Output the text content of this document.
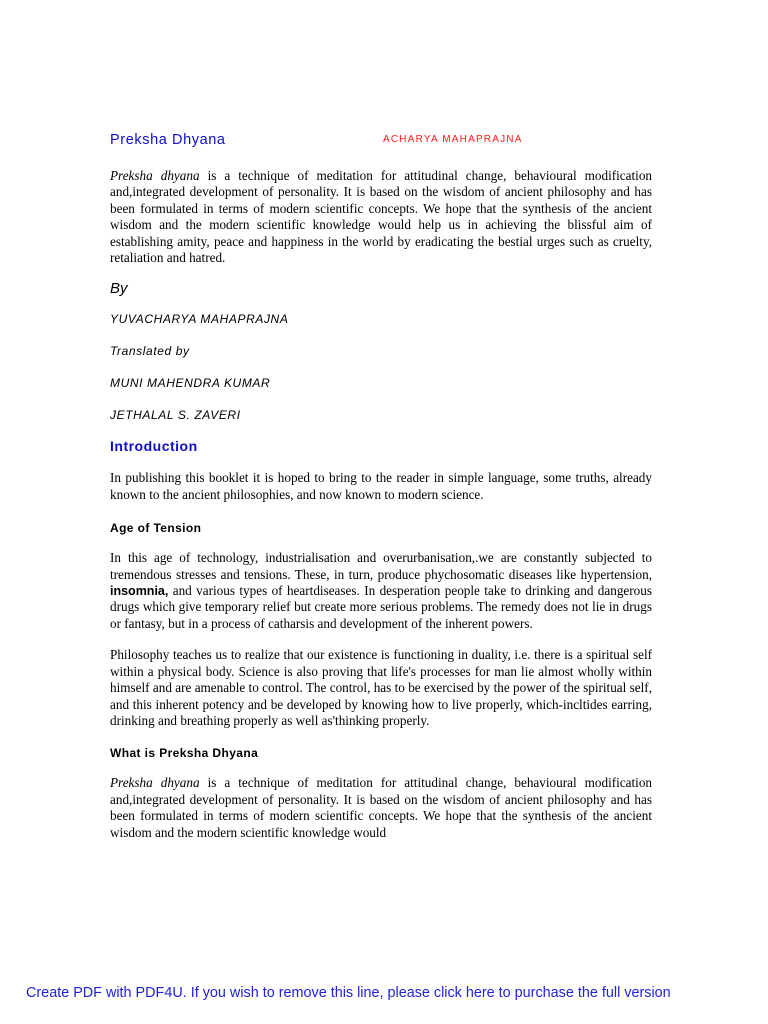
Preksha Dhyana	ACHARYA MAHAPRAJNA

Preksha dhyana is a technique of meditation for attitudinal change, behavioural modification and,integrated development of personality. It is based on the wisdom of ancient philosophy and has been formulated in terms of modern scientific concepts. We hope that the synthesis of the ancient wisdom and the modern scientific knowledge would help us in achieving the blissful aim of establishing amity, peace and happiness in the world by eradicating the bestial urges such as cruelty, retaliation and hatred.

By

YUVACHARYA MAHAPRAJNA

Translated by

MUNI MAHENDRA KUMAR

JETHALAL S. ZAVERI

Introduction

In publishing this booklet it is hoped to bring to the reader in simple language, some truths, already known to the ancient philosophies, and now known to modern science.

Age of Tension

In this age of technology, industrialisation and overurbanisation,.we are constantly subjected to tremendous stresses and tensions. These, in turn, produce phychosomatic diseases like hypertension, insomnia, and various types of heartdiseases. In desperation people take to drinking and dangerous drugs which give temporary relief but create more serious problems. The remedy does not lie in drugs or fantasy, but in a process of catharsis and development of the inherent powers.

Philosophy teaches us to realize that our existence is functioning in duality, i.e. there is a spiritual self within a physical body. Science is also proving that life's processes for man lie almost wholly within himself and are amenable to control. The control, has to be exercised by the power of the spiritual self, and this inherent potency and be developed by knowing how to live properly, which-incltides earring, drinking and breathing properly as well as'thinking properly.

What is Preksha Dhyana

Preksha dhyana is a technique of meditation for attitudinal change, behavioural modification and,integrated development of personality. It is based on the wisdom of ancient philosophy and has been formulated in terms of modern scientific concepts. We hope that the synthesis of the ancient wisdom and the modern scientific knowledge would

Create PDF with PDF4U. If you wish to remove this line, please click here to purchase the full version
